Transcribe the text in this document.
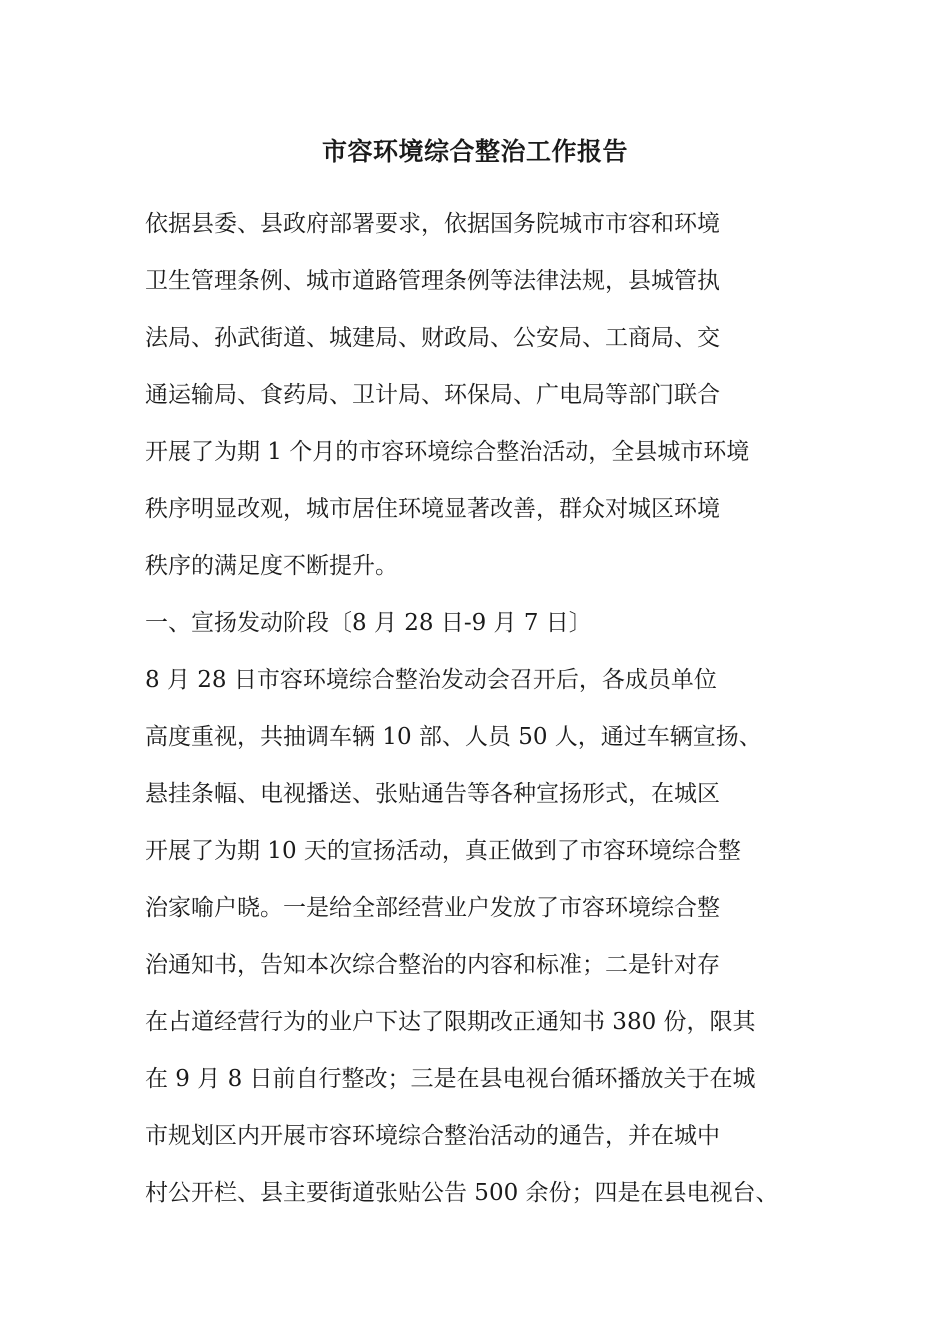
市容环境综合整治工作报告

依据县委、县政府部署要求，依据国务院城市市容和环境

卫生管理条例、城市道路管理条例等法律法规，县城管执

法局、孙武街道、城建局、财政局、公安局、工商局、交

通运输局、食药局、卫计局、环保局、广电局等部门联合

开展了为期 1 个月的市容环境综合整治活动，全县城市环境

秩序明显改观，城市居住环境显著改善，群众对城区环境

秩序的满足度不断提升。

一、宣扬发动阶段〔8 月 28 日-9 月 7 日〕

8 月 28 日市容环境综合整治发动会召开后，各成员单位

高度重视，共抽调车辆 10 部、人员 50 人，通过车辆宣扬、

悬挂条幅、电视播送、张贴通告等各种宣扬形式，在城区

开展了为期 10 天的宣扬活动，真正做到了市容环境综合整

治家喻户晓。一是给全部经营业户发放了市容环境综合整

治通知书，告知本次综合整治的内容和标准；二是针对存

在占道经营行为的业户下达了限期改正通知书 380 份，限其

在 9 月 8 日前自行整改；三是在县电视台循环播放关于在城

市规划区内开展市容环境综合整治活动的通告，并在城中

村公开栏、县主要街道张贴公告 500 余份；四是在县电视台、
